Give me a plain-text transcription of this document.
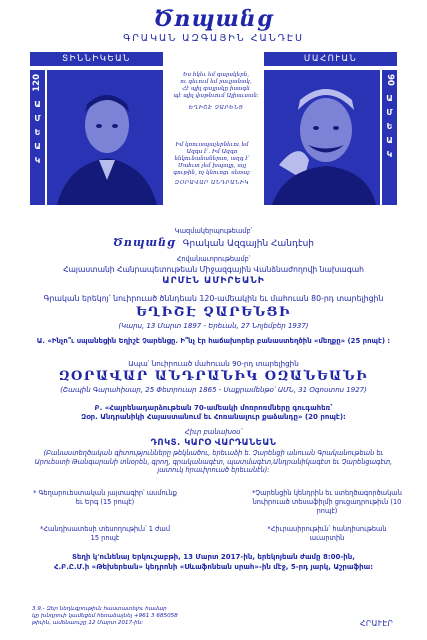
Ծոպանց
ԳՐԱԿԱՆ ԱԶԳԱՅԻՆ ՀԱՆԴԷՍ
ՏԻՆՆԻԿԵԱՆ
120
Ա
Մ
Ե
Ա
Կ
Ես հկեւ եմ գալակերն,
ու գեւում եմ յաւլյանակ,
Հէ պիլ գալլակը իսագն
պէ պիլ վաթնւում Ալիաւսան:
ԵՂԻՇԷ ՉԱՐԵՆՑ
ՄԱՀՈՒԱՆ
90
Ա
Մ
Ե
Ա
Կ
Իմ կռուապաչերնեւու եմ
Ազգս է՛. Իմ Ազգո
ենկունանաներսո, ազգ է՛
Մահւտ չեմ խպալը, այլ
գութին, ոչ կնուոցւ սեռալ:
ԶՕՐԱՎԱՐ ԱՆԴՐԱՆԻԿ
Կազմակերպութեամբ՝
Ծոպանց Գրական Ազգային Հանդէսի
Հովանաւորութեամբ՝
Հայաստանի Հանրապետութեան Միջազգային Վանձնաժողովի նախագահ
ԱՐՄԷՆ ԱՄԻՐԵԱՆԻ
Գրական երեկոյ՝ նուիրուած ծննդեան 120-ամեակին եւ մահուան 80-րդ տարելիցին
ԵՂԻՇԷ ՉԱՐԵՆՑԻ
(Կարս, 13 Մարտ 1897 - Երեւան, 27 Նոյեմբեր 1937)
Ա. «Ինչո՞ւ սպանեցին Եղիշէ Չարենցը. Ի՞նչ էր հաճախորեր բանաստեղծին «մեղքը» (25 րոպէ) :
Ապա՝ նուիրուած մահուան 90-րդ տարելիցին
ԶՕՐԱՎԱՐ ԱՆԴՐԱՆԻԿ ՕԶԱՆԵԱՆԻ
(Շապին Գարահիսար, 25 Փետրուար 1865 - Սաքրամենթօ՝ ԱՄՆ, 31 Օգոստոս 1927)
Բ. «Հայրենադարձութեան 70-ամեակի մոռրոռմները գուգահեռ՝
Զօր. Անդրանիկի Հայաստանում եւ Հոռանալուր քաձանդը» (20 րոպէ):
Հիւր բանախօս՝
ԴՈԿՏ. ԿԱՐՕ ՎԱՐԴԱՆԵԱՆ
(Բանաստեղծական գիտությունները թեկնածու, երեւաձի ե. Չարենցի անուան Գրականութեան եւ Արուեստի Թանգարանի տնօրեն, գրող, գրականագէտ, պատմագէտ,Անդրանիկագէտ եւ Չարենցագէտ, յատուկ հրաւիրուած երեւանէն):
* Գեղարուեստական յայտագիր՝ ասմունք եւ Երգ (15 րոպէ)
*Չարենցին կենդրին եւ ստեղծագործական նուիրուած տեսաֆիլմի ցուցադրութիւն (10 րոպէ)
*Հանդիսատեսի տեսողութիւն՝ 1 ժամ 15 րոպէ
*Հիւրասիրութիւն՝ հանդիսութեան աւարտին
Տեղի կ'ունենայ Երկուշաբթի, 13 Մարտ 2017-ին, երեկոյեան ժամը 8:00-ին,
Հ.Բ.Ը.Մ.ի «Թեխերեան» կեդրոնի «Սևաֆոնեան սրահ»-ին մէջ, 5-րդ յարկ, Աշրաֆիա:
3.9.- Զեր նեղևգրութիւն հաստատելու համար
կը խնդրուի կամեցեմ հեռաձայնել +961 3 685058
թիւին, ամենաուշը 12 Մարտ 2017-ին:	ՀՐԱՒԷՐ
